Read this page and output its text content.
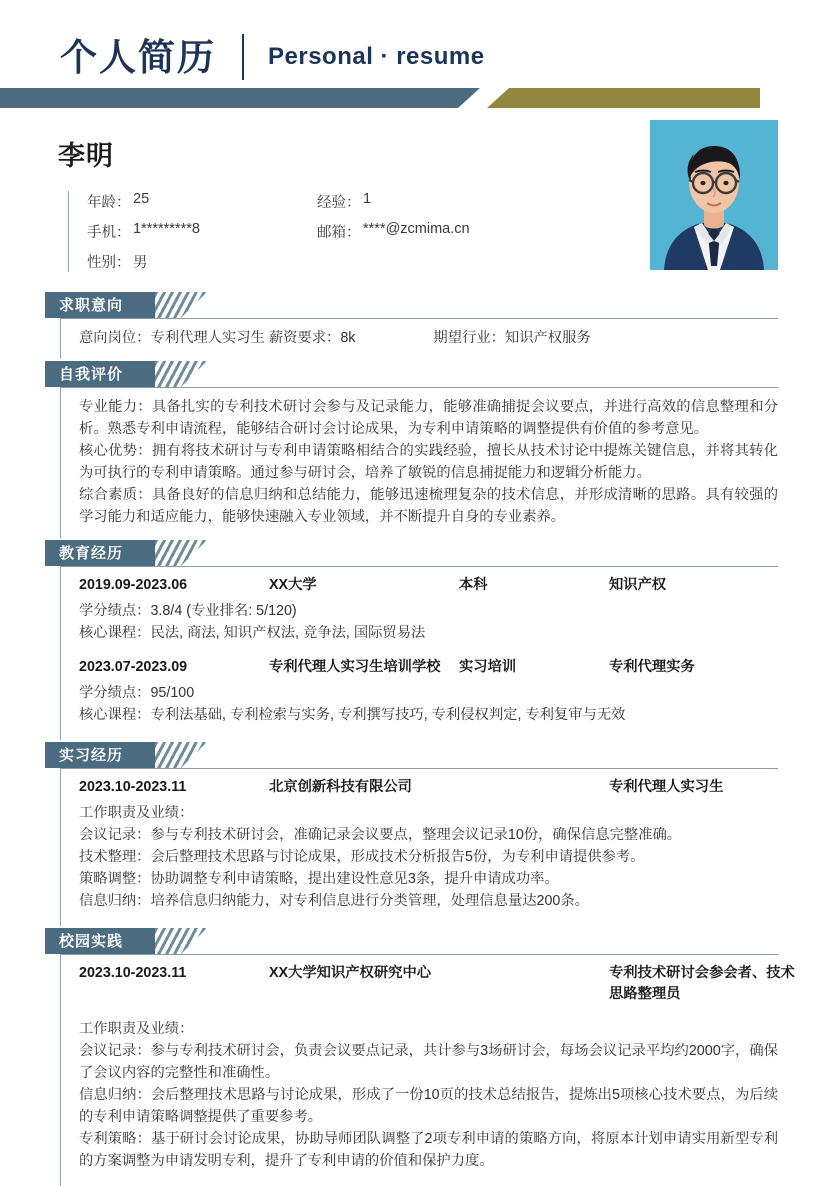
个人简历 Personal · resume
李明
年龄 ：	25	经验 ：	1
手机 ：	1*********8	邮箱 ：	****@zcmima.cn
性别 ：	男
求职意向
意向岗位：专利代理人实习生 薪资要求：8k	期望行业：知识产权服务
自我评价

专业能力：具备扎实的专利技术研讨会参与及记录能力，能够准确捕捉会议要点，并进行高效的信息整理和分析。熟悉专利申请流程，能够结合研讨会讨论成果，为专利申请策略的调整提供有价值的参考意见。

核心优势：拥有将技术研讨与专利申请策略相结合的实践经验，擅长从技术讨论中提炼关键信息，并将其转化为可执行的专利申请策略。通过参与研讨会，培养了敏锐的信息捕捉能力和逻辑分析能力。

综合素质：具备良好的信息归纳和总结能力，能够迅速梳理复杂的技术信息，并形成清晰的思路。具有较强的学习能力和适应能力，能够快速融入专业领域，并不断提升自身的专业素养。

教育经历
2019.09-2023.06	XX大学	本科	知识产权
学分绩点：3.8/4 (专业排名: 5/120)
核心课程：民法, 商法, 知识产权法, 竞争法, 国际贸易法
2023.07-2023.09	专利代理人实习生培训学校	实习培训	专利代理实务
学分绩点：95/100
核心课程：专利法基础, 专利检索与实务, 专利撰写技巧, 专利侵权判定, 专利复审与无效
实习经历
2023.10-2023.11	北京创新科技有限公司	专利代理人实习生
工作职责及业绩：
会议记录：参与专利技术研讨会，准确记录会议要点，整理会议记录10份，确保信息完整准确。
技术整理：会后整理技术思路与讨论成果，形成技术分析报告5份，为专利申请提供参考。
策略调整：协助调整专利申请策略，提出建设性意见3条，提升申请成功率。
信息归纳：培养信息归纳能力，对专利信息进行分类管理，处理信息量达200条。
校园实践
2023.10-2023.11	XX大学知识产权研究中心	专利技术研讨会参会者、技术思路整理员
工作职责及业绩：
会议记录：参与专利技术研讨会，负责会议要点记录，共计参与3场研讨会，每场会议记录平均约2000字，确保了会议内容的完整性和准确性。
信息归纳：会后整理技术思路与讨论成果，形成了一份10页的技术总结报告，提炼出5项核心技术要点，为后续的专利申请策略调整提供了重要参考。
专利策略：基于研讨会讨论成果，协助导师团队调整了2项专利申请的策略方向，将原本计划申请实用新型专利的方案调整为申请发明专利，提升了专利申请的价值和保护力度。
